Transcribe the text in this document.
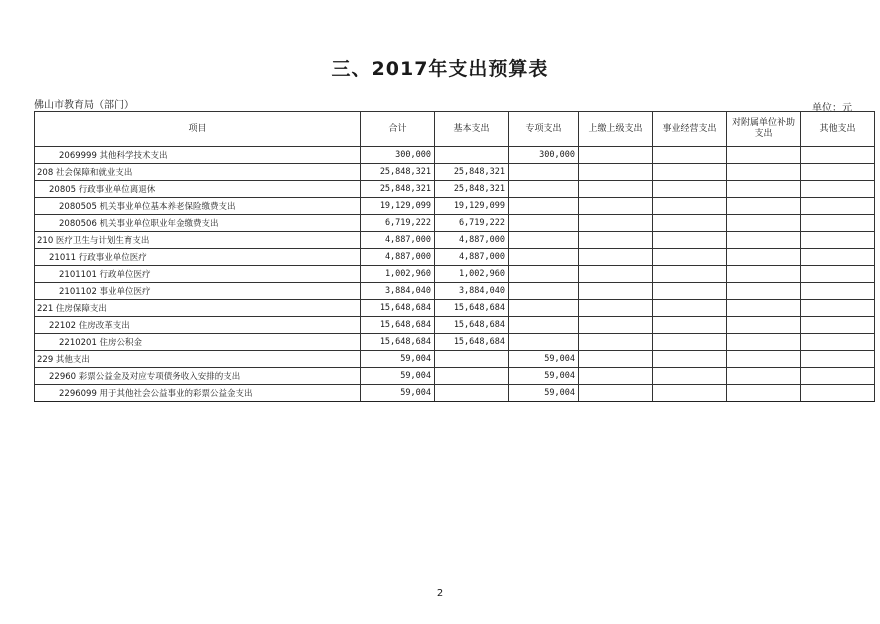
三、2017年支出预算表
佛山市教育局（部门）	单位：元
项目	合计	基本支出	专项支出	上缴上级支出	事业经营支出	对附属单位补助支出	其他支出
2069999 其他科学技术支出	300,000		300,000				
208 社会保障和就业支出	25,848,321	25,848,321					
20805 行政事业单位离退休	25,848,321	25,848,321					
2080505 机关事业单位基本养老保险缴费支出	19,129,099	19,129,099					
2080506 机关事业单位职业年金缴费支出	6,719,222	6,719,222					
210 医疗卫生与计划生育支出	4,887,000	4,887,000					
21011 行政事业单位医疗	4,887,000	4,887,000					
2101101 行政单位医疗	1,002,960	1,002,960					
2101102 事业单位医疗	3,884,040	3,884,040					
221 住房保障支出	15,648,684	15,648,684					
22102 住房改革支出	15,648,684	15,648,684					
2210201 住房公积金	15,648,684	15,648,684					
229 其他支出	59,004		59,004				
22960 彩票公益金及对应专项债务收入安排的支出	59,004		59,004				
2296099 用于其他社会公益事业的彩票公益金支出	59,004		59,004				
2
